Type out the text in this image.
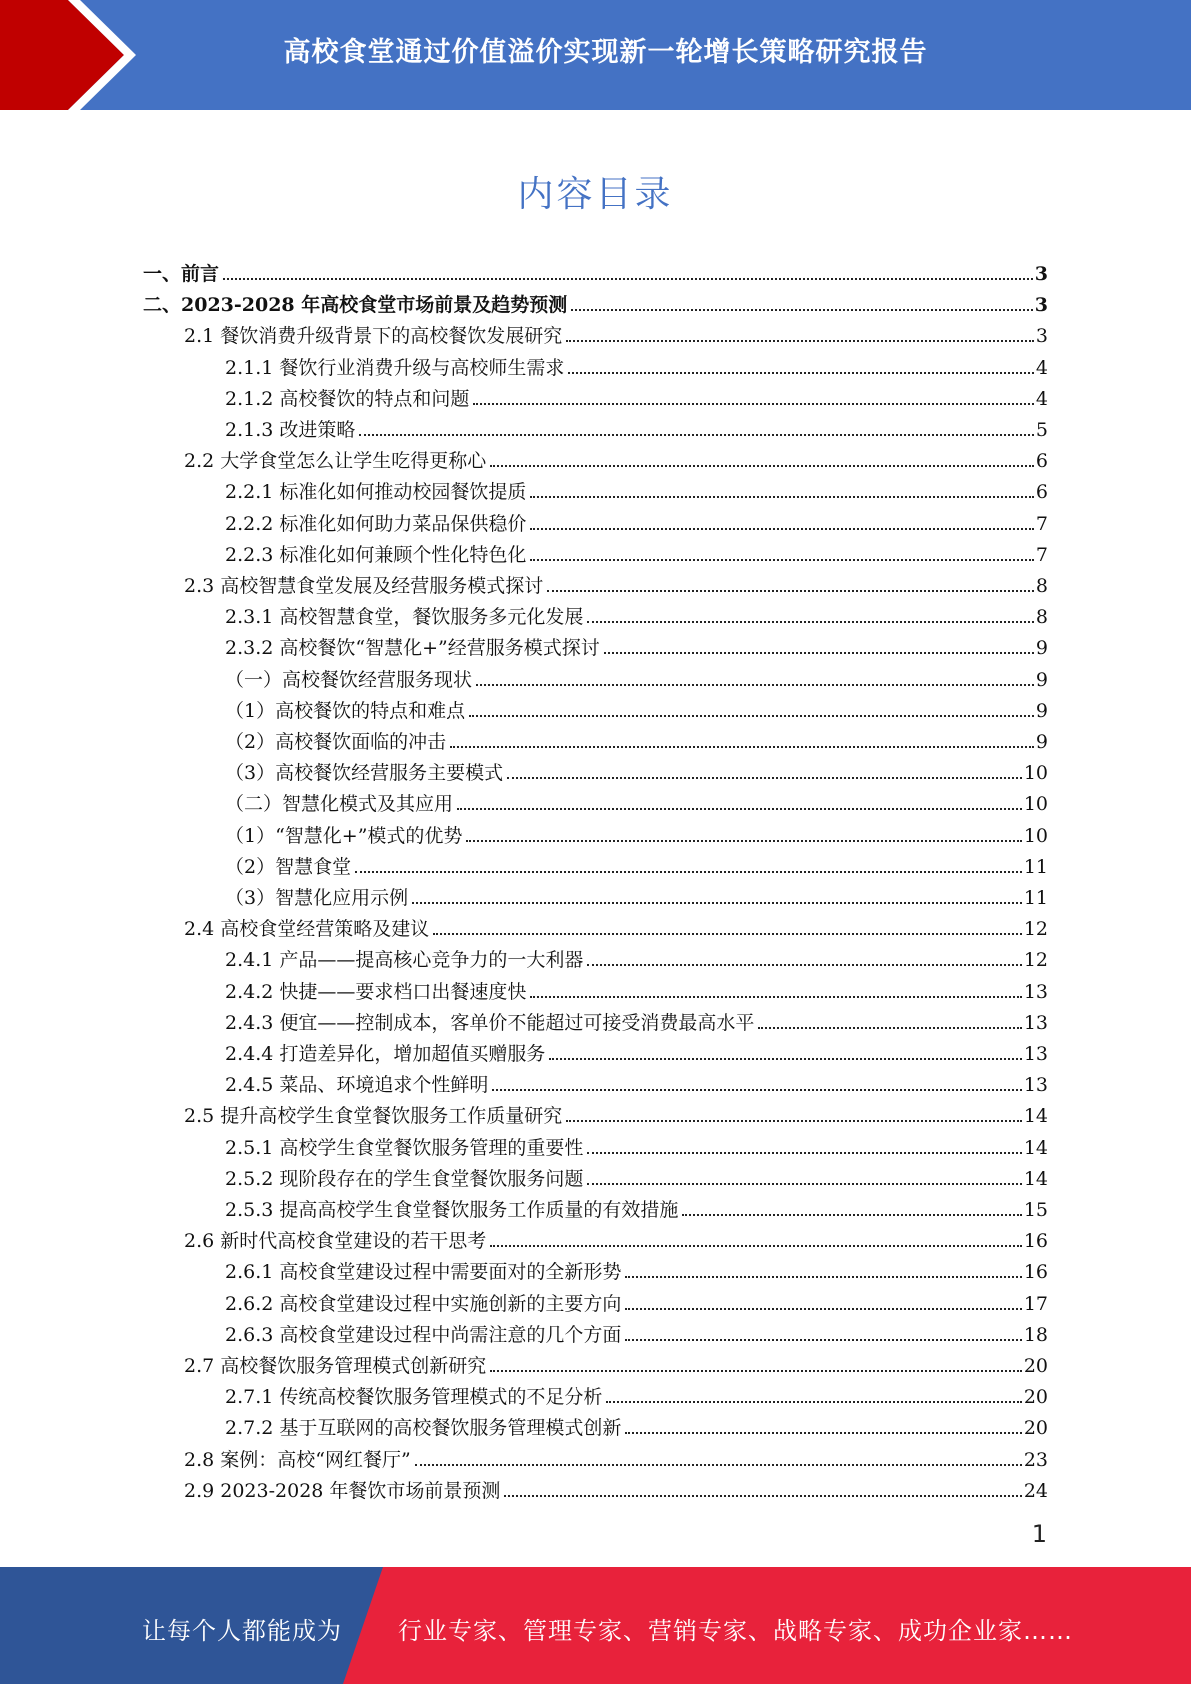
高校食堂通过价值溢价实现新一轮增长策略研究报告
内容目录
一、前言	3
二、2023-2028 年高校食堂市场前景及趋势预测	3
2.1 餐饮消费升级背景下的高校餐饮发展研究	3
2.1.1 餐饮行业消费升级与高校师生需求	4
2.1.2 高校餐饮的特点和问题	4
2.1.3 改进策略	5
2.2 大学食堂怎么让学生吃得更称心	6
2.2.1 标准化如何推动校园餐饮提质	6
2.2.2 标准化如何助力菜品保供稳价	7
2.2.3 标准化如何兼顾个性化特色化	7
2.3 高校智慧食堂发展及经营服务模式探讨	8
2.3.1 高校智慧食堂，餐饮服务多元化发展	8
2.3.2 高校餐饮“智慧化+”经营服务模式探讨	9
（一）高校餐饮经营服务现状	9
（1）高校餐饮的特点和难点	9
（2）高校餐饮面临的冲击	9
（3）高校餐饮经营服务主要模式	10
（二）智慧化模式及其应用	10
（1）“智慧化+”模式的优势	10
（2）智慧食堂	11
（3）智慧化应用示例	11
2.4 高校食堂经营策略及建议	12
2.4.1 产品——提高核心竞争力的一大利器	12
2.4.2 快捷——要求档口出餐速度快	13
2.4.3 便宜——控制成本，客单价不能超过可接受消费最高水平	13
2.4.4 打造差异化，增加超值买赠服务	13
2.4.5 菜品、环境追求个性鲜明	13
2.5 提升高校学生食堂餐饮服务工作质量研究	14
2.5.1 高校学生食堂餐饮服务管理的重要性	14
2.5.2 现阶段存在的学生食堂餐饮服务问题	14
2.5.3 提高高校学生食堂餐饮服务工作质量的有效措施	15
2.6 新时代高校食堂建设的若干思考	16
2.6.1 高校食堂建设过程中需要面对的全新形势	16
2.6.2 高校食堂建设过程中实施创新的主要方向	17
2.6.3 高校食堂建设过程中尚需注意的几个方面	18
2.7 高校餐饮服务管理模式创新研究	20
2.7.1 传统高校餐饮服务管理模式的不足分析	20
2.7.2 基于互联网的高校餐饮服务管理模式创新	20
2.8 案例：高校“网红餐厅”	23
2.9 2023-2028 年餐饮市场前景预测	24
1
让每个人都能成为 行业专家、管理专家、营销专家、战略专家、成功企业家……
